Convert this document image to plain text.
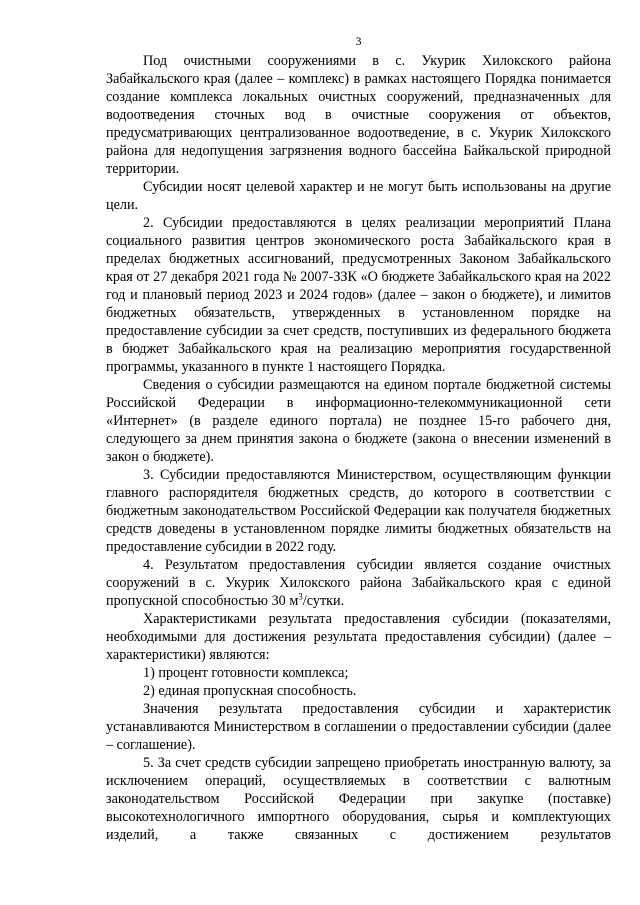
3

Под очистными сооружениями в с. Укурик Хилокского района Забайкальского края (далее – комплекс) в рамках настоящего Порядка понимается создание комплекса локальных очистных сооружений, предназначенных для водоотведения сточных вод в очистные сооружения от объектов, предусматривающих централизованное водоотведение, в с. Укурик Хилокского района для недопущения загрязнения водного бассейна Байкальской природной территории.

Субсидии носят целевой характер и не могут быть использованы на другие цели.

2. Субсидии предоставляются в целях реализации мероприятий Плана социального развития центров экономического роста Забайкальского края в пределах бюджетных ассигнований, предусмотренных Законом Забайкальского края от 27 декабря 2021 года № 2007-ЗЗК «О бюджете Забайкальского края на 2022 год и плановый период 2023 и 2024 годов» (далее – закон о бюджете), и лимитов бюджетных обязательств, утвержденных в установленном порядке на предоставление субсидии за счет средств, поступивших из федерального бюджета в бюджет Забайкальского края на реализацию мероприятия государственной программы, указанного в пункте 1 настоящего Порядка.

Сведения о субсидии размещаются на едином портале бюджетной системы Российской Федерации в информационно-телекоммуникационной сети «Интернет» (в разделе единого портала) не позднее 15-го рабочего дня, следующего за днем принятия закона о бюджете (закона о внесении изменений в закон о бюджете).

3. Субсидии предоставляются Министерством, осуществляющим функции главного распорядителя бюджетных средств, до которого в соответствии с бюджетным законодательством Российской Федерации как получателя бюджетных средств доведены в установленном порядке лимиты бюджетных обязательств на предоставление субсидии в 2022 году.

4. Результатом предоставления субсидии является создание очистных сооружений в с. Укурик Хилокского района Забайкальского края с единой пропускной способностью 30 $м^3$/сутки.

Характеристиками результата предоставления субсидии (показателями, необходимыми для достижения результата предоставления субсидии) (далее – характеристики) являются:

1) процент готовности комплекса;

2) единая пропускная способность.

Значения результата предоставления субсидии и характеристик устанавливаются Министерством в соглашении о предоставлении субсидии (далее – соглашение).

5. За счет средств субсидии запрещено приобретать иностранную валюту, за исключением операций, осуществляемых в соответствии с валютным законодательством Российской Федерации при закупке (поставке) высокотехнологичного импортного оборудования, сырья и комплектующих изделий, а также связанных с достижением результатов
